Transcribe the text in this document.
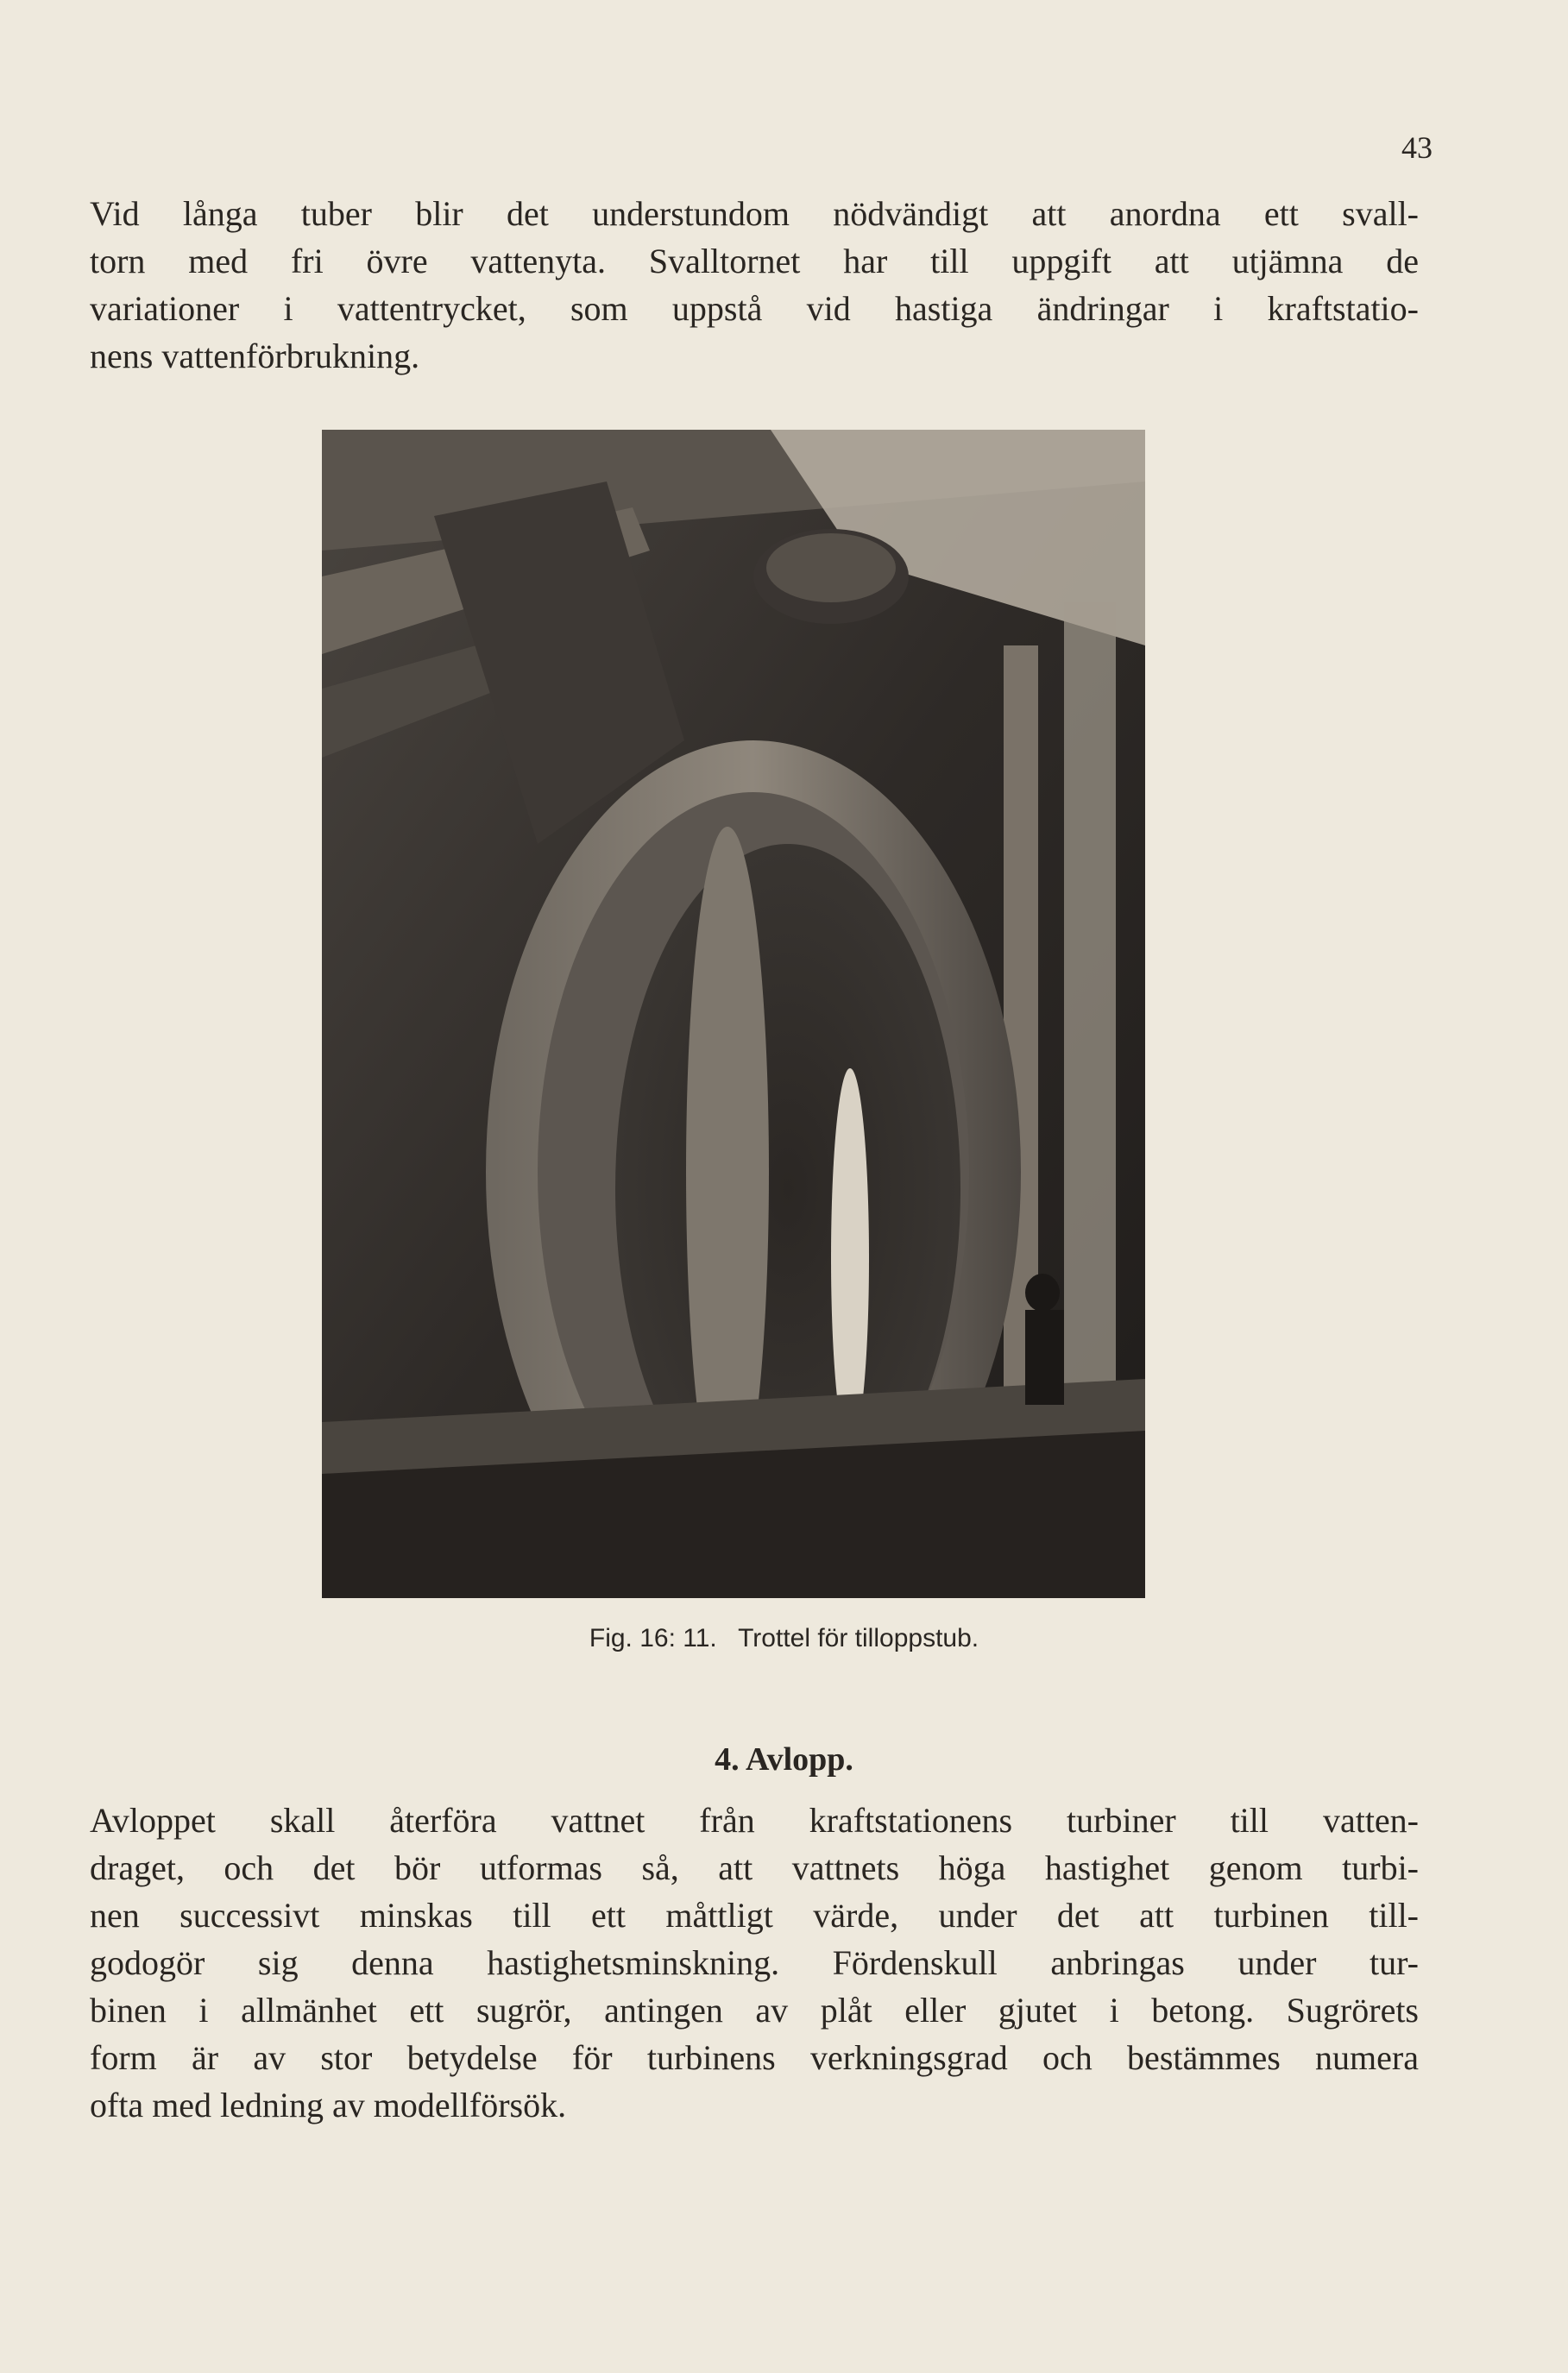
43
Vid långa tuber blir det understundom nödvändigt att anordna ett svall-
torn med fri övre vattenyta. Svalltornet har till uppgift att utjämna de
variationer i vattentrycket, som uppstå vid hastiga ändringar i kraftstatio-
nens vattenförbrukning.
Fig. 16: 11. Trottel för tilloppstub.
4. Avlopp.
Avloppet skall återföra vattnet från kraftstationens turbiner till vatten-
draget, och det bör utformas så, att vattnets höga hastighet genom turbi-
nen successivt minskas till ett måttligt värde, under det att turbinen till-
godogör sig denna hastighetsminskning. Fördenskull anbringas under tur-
binen i allmänhet ett sugrör, antingen av plåt eller gjutet i betong. Sugrörets
form är av stor betydelse för turbinens verkningsgrad och bestämmes numera
ofta med ledning av modellförsök.
